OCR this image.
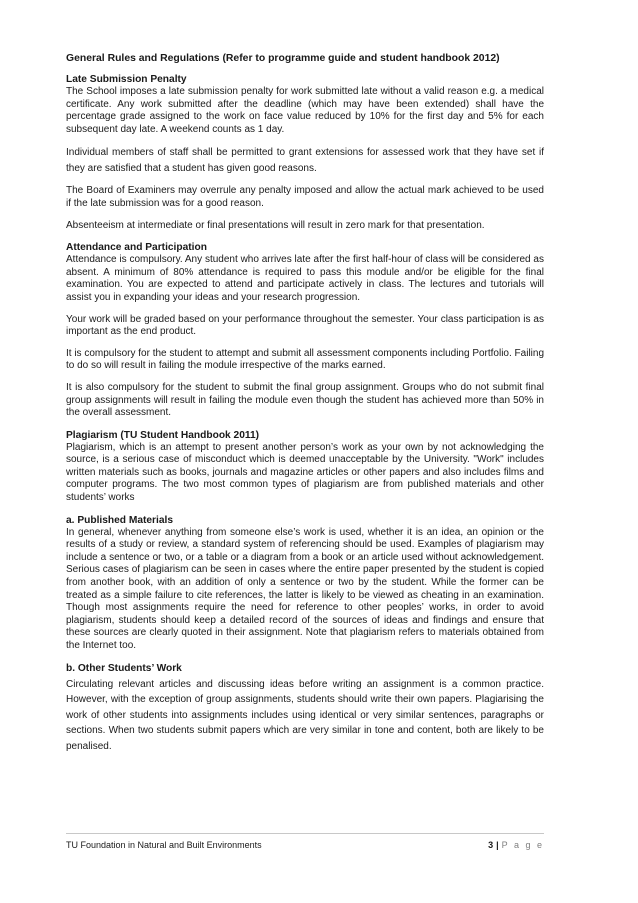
General Rules and Regulations (Refer to programme guide and student handbook 2012)
Late Submission Penalty

The School imposes a late submission penalty for work submitted late without a valid reason e.g. a medical certificate. Any work submitted after the deadline (which may have been extended) shall have the percentage grade assigned to the work on face value reduced by 10% for the first day and 5% for each subsequent day late. A weekend counts as 1 day.

Individual members of staff shall be permitted to grant extensions for assessed work that they have set if they are satisfied that a student has given good reasons.

The Board of Examiners may overrule any penalty imposed and allow the actual mark achieved to be used if the late submission was for a good reason.

Absenteeism at intermediate or final presentations will result in zero mark for that presentation.

Attendance and Participation

Attendance is compulsory. Any student who arrives late after the first half-hour of class will be considered as absent. A minimum of 80% attendance is required to pass this module and/or be eligible for the final examination. You are expected to attend and participate actively in class. The lectures and tutorials will assist you in expanding your ideas and your research progression.

Your work will be graded based on your performance throughout the semester. Your class participation is as important as the end product.

It is compulsory for the student to attempt and submit all assessment components including Portfolio. Failing to do so will result in failing the module irrespective of the marks earned.

It is also compulsory for the student to submit the final group assignment. Groups who do not submit final group assignments will result in failing the module even though the student has achieved more than 50% in the overall assessment.

Plagiarism (TU Student Handbook 2011)

Plagiarism, which is an attempt to present another person’s work as your own by not acknowledging the source, is a serious case of misconduct which is deemed unacceptable by the University. "Work" includes written materials such as books, journals and magazine articles or other papers and also includes films and computer programs. The two most common types of plagiarism are from published materials and other students’ works

a. Published Materials

In general, whenever anything from someone else’s work is used, whether it is an idea, an opinion or the results of a study or review, a standard system of referencing should be used. Examples of plagiarism may include a sentence or two, or a table or a diagram from a book or an article used without acknowledgement. Serious cases of plagiarism can be seen in cases where the entire paper presented by the student is copied from another book, with an addition of only a sentence or two by the student. While the former can be treated as a simple failure to cite references, the latter is likely to be viewed as cheating in an examination. Though most assignments require the need for reference to other peoples’ works, in order to avoid plagiarism, students should keep a detailed record of the sources of ideas and findings and ensure that these sources are clearly quoted in their assignment. Note that plagiarism refers to materials obtained from the Internet too.

b. Other Students’ Work

Circulating relevant articles and discussing ideas before writing an assignment is a common practice. However, with the exception of group assignments, students should write their own papers. Plagiarising the work of other students into assignments includes using identical or very similar sentences, paragraphs or sections. When two students submit papers which are very similar in tone and content, both are likely to be penalised.

TU Foundation in Natural and Built Environments	3 | P a g e
